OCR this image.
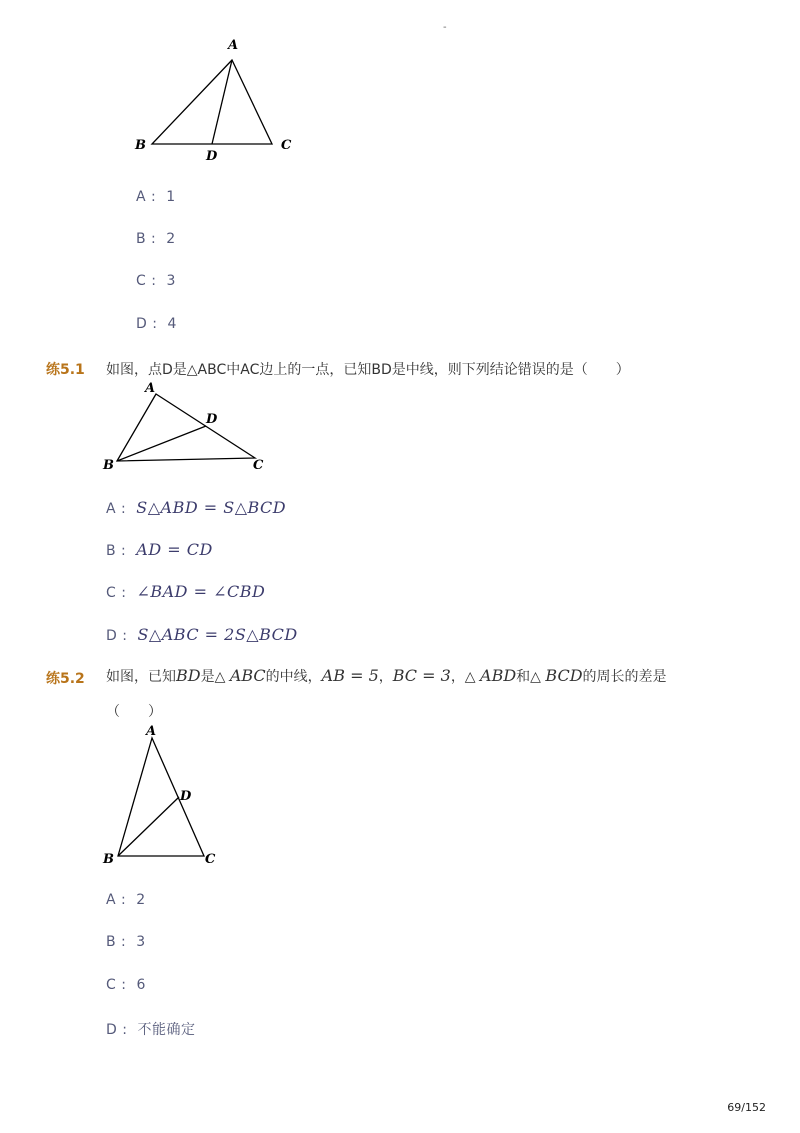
-
A
B	C
D
A : 1
B : 2
C : 3
D : 4
练5.1 如图，点D是△ABC中AC边上的一点，已知BD是中线，则下列结论错误的是（　　）
A
B	C
D
A : S△ABD = S△BCD
B : AD = CD
C : ∠BAD = ∠CBD
D : S△ABC = 2S△BCD
练5.2 如图，已知BD是△ ABC的中线，AB = 5，BC = 3，△ ABD和△ BCD的周长的差是
（　　）
A
B	C
D
A : 2
B : 3
C : 6
D : 不能确定
69/152
